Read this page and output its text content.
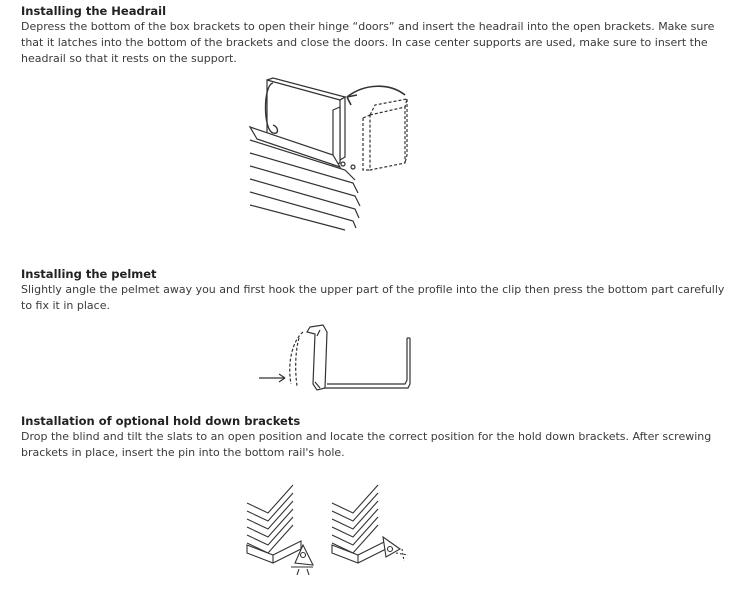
Installing the Headrail

Depress the bottom of the box brackets to open their hinge “doors” and insert the headrail into the open brackets. Make sure that it latches into the bottom of the brackets and close the doors. In case center supports are used, make sure to insert the headrail so that it rests on the support.

Installing the pelmet

Slightly angle the pelmet away you and first hook the upper part of the profile into the clip then press the bottom part carefully to fix it in place.

Installation of optional hold down brackets

Drop the blind and tilt the slats to an open position and locate the correct position for the hold down brackets. After screwing brackets in place, insert the pin into the bottom rail's hole.
